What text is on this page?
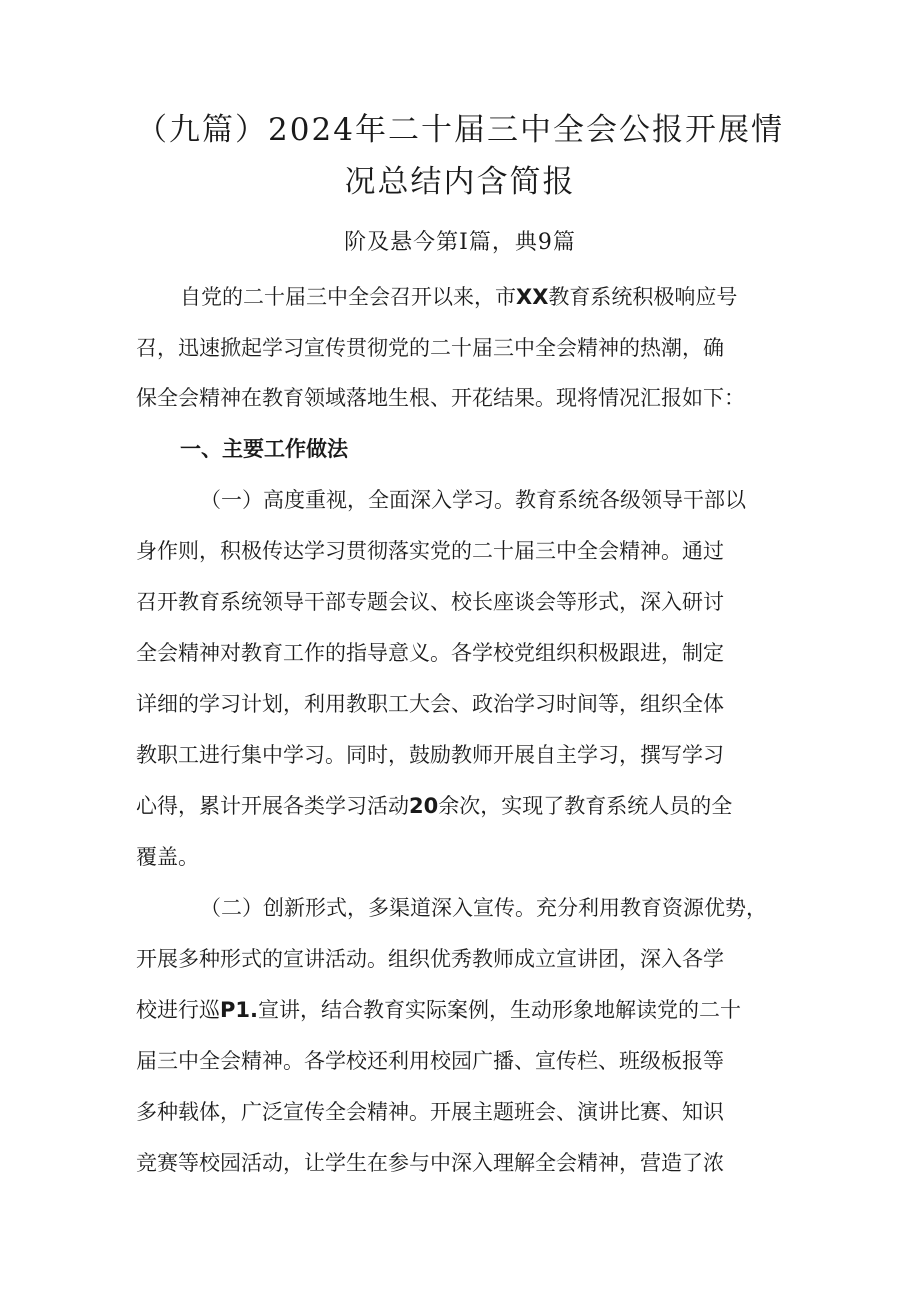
（九篇）2024年二十届三中全会公报开展情
况总结内含简报
阶及悬今第I篇，典9篇
自党的二十届三中全会召开以来，市XX教育系统积极响应号
召，迅速掀起学习宣传贯彻党的二十届三中全会精神的热潮，确
保全会精神在教育领域落地生根、开花结果。现将情况汇报如下：
一、主要工作做法
（一）高度重视，全面深入学习。教育系统各级领导干部以
身作则，积极传达学习贯彻落实党的二十届三中全会精神。通过
召开教育系统领导干部专题会议、校长座谈会等形式，深入研讨
全会精神对教育工作的指导意义。各学校党组织积极跟进，制定
详细的学习计划，利用教职工大会、政治学习时间等，组织全体
教职工进行集中学习。同时，鼓励教师开展自主学习，撰写学习
心得，累计开展各类学习活动20余次，实现了教育系统人员的全
覆盖。
（二）创新形式，多渠道深入宣传。充分利用教育资源优势，
开展多种形式的宣讲活动。组织优秀教师成立宣讲团，深入各学
校进行巡P1.宣讲，结合教育实际案例，生动形象地解读党的二十
届三中全会精神。各学校还利用校园广播、宣传栏、班级板报等
多种载体，广泛宣传全会精神。开展主题班会、演讲比赛、知识
竞赛等校园活动，让学生在参与中深入理解全会精神，营造了浓
